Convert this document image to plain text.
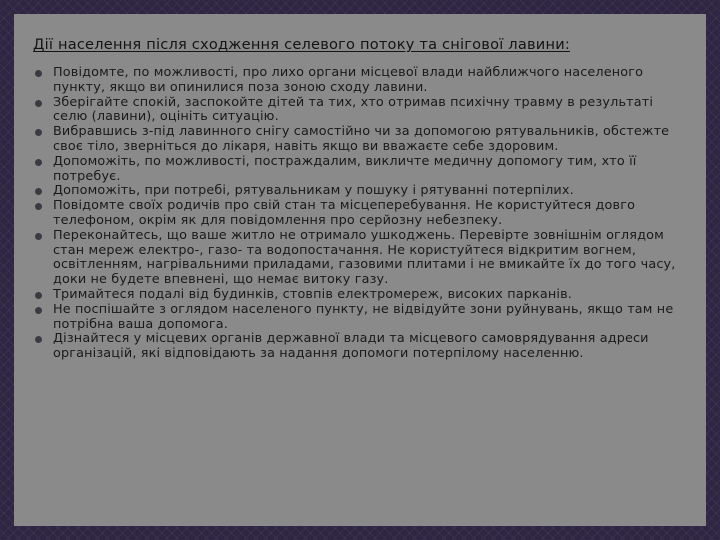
Дії населення після сходження селевого потоку та снігової лавини:
Повідомте, по можливості, про лихо органи місцевої влади найближчого населеного пункту, якщо ви опинилися поза зоною сходу лавини.
Зберігайте спокій, заспокойте дітей та тих, хто отримав психічну травму в результаті селю (лавини), оцініть ситуацію.
Вибравшись з-під лавинного снігу самостійно чи за допомогою рятувальників, обстежте своє тіло, зверніться до лікаря, навіть якщо ви вважаєте себе здоровим.
Допоможіть, по можливості, постраждалим, викличте медичну допомогу тим, хто її потребує.
Допоможіть, при потребі, рятувальникам у пошуку і рятуванні потерпілих.
Повідомте своїх родичів про свій стан та місцеперебування. Не користуйтеся довго телефоном, окрім як для повідомлення про серйозну небезпеку.
Переконайтесь, що ваше житло не отримало ушкоджень. Перевірте зовнішнім оглядом стан мереж електро-, газо- та водопостачання. Не користуйтеся відкритим вогнем, освітленням, нагрівальними приладами, газовими плитами і не вмикайте їх до того часу, доки не будете впевнені, що немає витоку газу.
Тримайтеся подалі від будинків, стовпів електромереж, високих парканів.
Не поспішайте з оглядом населеного пункту, не відвідуйте зони руйнувань, якщо там не потрібна ваша допомога.
Дізнайтеся у місцевих органів державної влади та місцевого самоврядування адреси організацій, які відповідають за надання допомоги потерпілому населенню.
